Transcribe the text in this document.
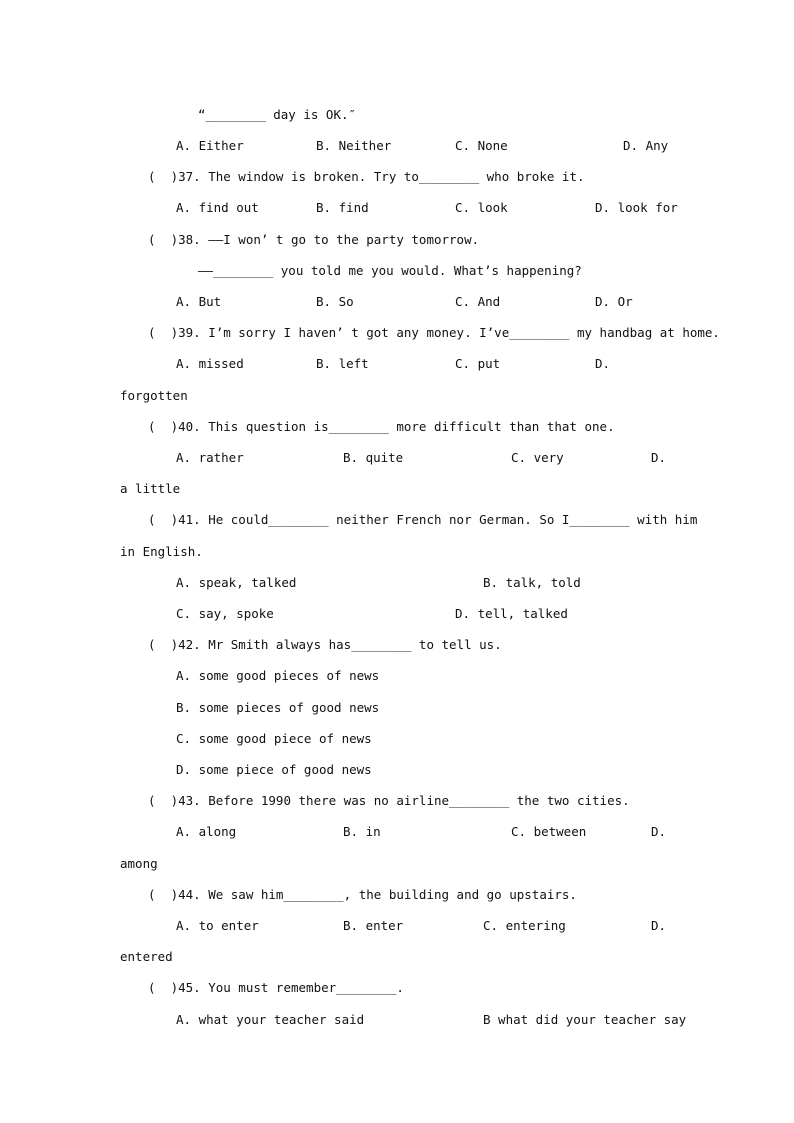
“________ day is OK.″
A. Either	B. Neither	C. None	D. Any
(  )37. The window is broken. Try to________ who broke it.
A. find out	B. find	C. look	D. look for
(  )38. ——I won’ t go to the party tomorrow.
——________ you told me you would. What’s happening?
A. But	B. So	C. And	D. Or
(  )39. I’m sorry I haven’ t got any money. I’ve________ my handbag at home.
A. missed	B. left	C. put	D.
forgotten
(  )40. This question is________ more difficult than that one.
A. rather	B. quite	C. very	D.
a little
(  )41. He could________ neither French nor German. So I________ with him
in English.
A. speak, talked	B. talk, told
C. say, spoke	D. tell, talked
(  )42. Mr Smith always has________ to tell us.
A. some good pieces of news
B. some pieces of good news
C. some good piece of news
D. some piece of good news
(  )43. Before 1990 there was no airline________ the two cities.
A. along	B. in	C. between	D.
among
(  )44. We saw him________, the building and go upstairs.
A. to enter	B. enter	C. entering	D.
entered
(  )45. You must remember________.
A. what your teacher said	B what did your teacher say
